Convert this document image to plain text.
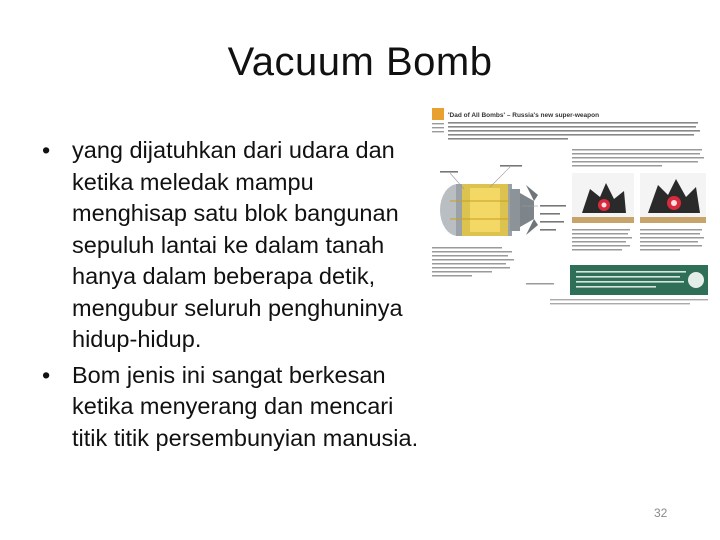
Vacuum Bomb
• yang dijatuhkan dari udara dan
ketika meledak mampu
menghisap satu blok bangunan
sepuluh lantai ke dalam tanah
hanya dalam beberapa detik,
mengubur seluruh penghuninya
hidup-hidup.
• Bom jenis ini sangat berkesan
ketika menyerang dan mencari
titik titik persembunyian manusia.
'Dad of All Bombs' – Russia's new super-weapon
32
